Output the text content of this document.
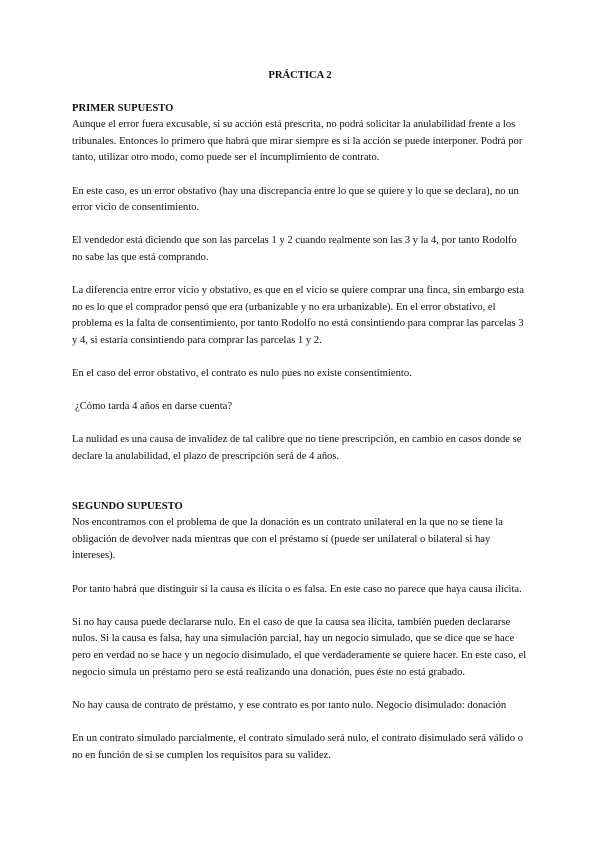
PRÁCTICA 2
PRIMER SUPUESTO

Aunque el error fuera excusable, si su acción está prescrita, no podrá solicitar la anulabilidad frente a los tribunales. Entonces lo primero que habrá que mirar siempre es si la acción se puede interponer. Podrá por tanto, utilizar otro modo, como puede ser el incumplimiento de contrato.

En este caso, es un error obstativo (hay una discrepancia entre lo que se quiere y lo que se declara), no un error vicio de consentimiento.

El vendedor está diciendo que son las parcelas 1 y 2 cuando realmente son las 3 y la 4, por tanto Rodolfo no sabe las que está comprando.

La diferencia entre error vicio y obstativo, es que en el vicio se quiere comprar una finca, sin embargo esta no es lo que el comprador pensó que era (urbanizable y no era urbanizable). En el error obstativo, el problema es la falta de consentimiento, por tanto Rodolfo no está consintiendo para comprar las parcelas 3 y 4, si estaría consintiendo para comprar las parcelas 1 y 2.

En el caso del error obstativo, el contrato es nulo pues no existe consentimiento.

¿Cómo tarda 4 años en darse cuenta?

La nulidad es una causa de invalidez de tal calibre que no tiene prescripción, en cambio en casos donde se declare la anulabilidad, el plazo de prescripción será de 4 años.

SEGUNDO SUPUESTO

Nos encontramos con el problema de que la donación es un contrato unilateral en la que no se tiene la obligación de devolver nada mientras que con el préstamo sí (puede ser unilateral o bilateral si hay intereses).

Por tanto habrá que distinguir si la causa es ilícita o es falsa. En este caso no parece que haya causa ilícita.

Si no hay causa puede declararse nulo. En el caso de que la causa sea ilícita, también pueden declararse nulos. Si la causa es falsa, hay una simulación parcial, hay un negocio simulado, que se dice que se hace pero en verdad no se hace y un negocio disimulado, el que verdaderamente se quiere hacer. En este caso, el negocio simula un préstamo pero se está realizando una donación, pues éste no está grabado.

No hay causa de contrato de préstamo, y ese contrato es por tanto nulo. Negocio disimulado: donación

En un contrato simulado parcialmente, el contrato simulado será nulo, el contrato disimulado será válido o no en función de si se cumplen los requisitos para su validez.
